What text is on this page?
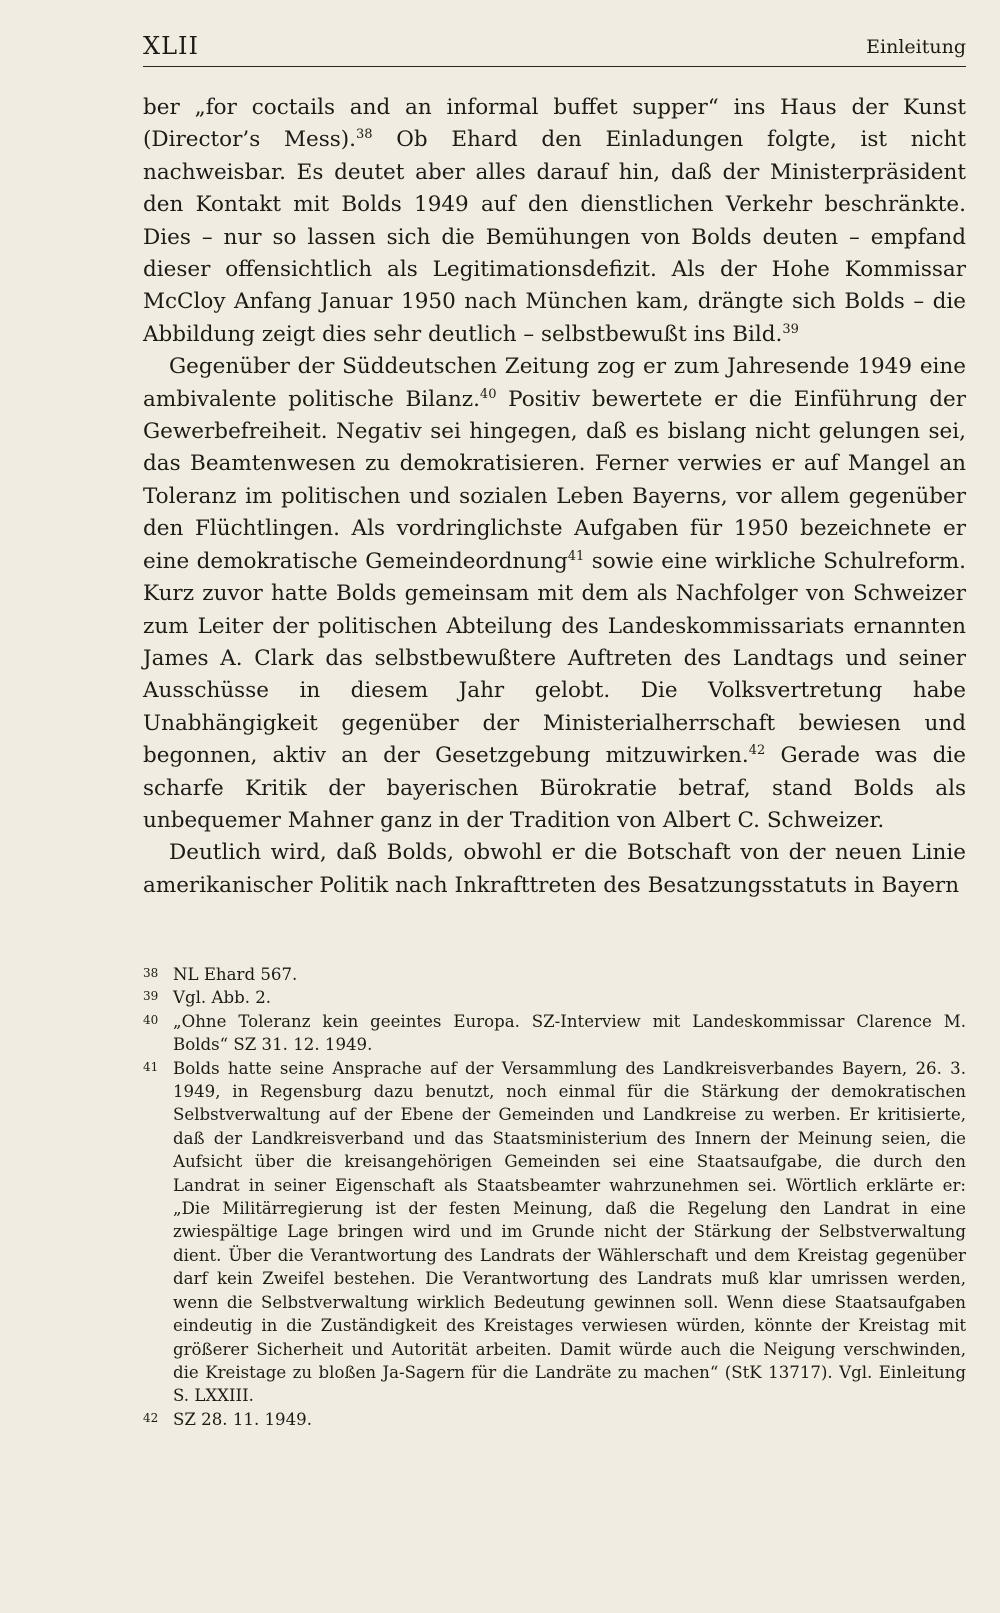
XLII	Einleitung

ber „for coctails and an informal buffet supper“ ins Haus der Kunst (Director’s Mess).$^{38}$ Ob Ehard den Einladungen folgte, ist nicht nachweisbar. Es deutet aber alles darauf hin, daß der Ministerpräsident den Kontakt mit Bolds 1949 auf den dienstlichen Verkehr beschränkte. Dies – nur so lassen sich die Bemühungen von Bolds deuten – empfand dieser offensichtlich als Legitimationsdefizit. Als der Hohe Kommissar McCloy Anfang Januar 1950 nach München kam, drängte sich Bolds – die Abbildung zeigt dies sehr deutlich – selbstbewußt ins Bild.$^{39}$

Gegenüber der Süddeutschen Zeitung zog er zum Jahresende 1949 eine ambivalente politische Bilanz.$^{40}$ Positiv bewertete er die Einführung der Gewerbefreiheit. Negativ sei hingegen, daß es bislang nicht gelungen sei, das Beamtenwesen zu demokratisieren. Ferner verwies er auf Mangel an Toleranz im politischen und sozialen Leben Bayerns, vor allem gegenüber den Flüchtlingen. Als vordringlichste Aufgaben für 1950 bezeichnete er eine demokratische Gemeindeordnung$^{41}$ sowie eine wirkliche Schulreform. Kurz zuvor hatte Bolds gemeinsam mit dem als Nachfolger von Schweizer zum Leiter der politischen Abteilung des Landeskommissariats ernannten James A. Clark das selbstbewußtere Auftreten des Landtags und seiner Ausschüsse in diesem Jahr gelobt. Die Volksvertretung habe Unabhängigkeit gegenüber der Ministerialherrschaft bewiesen und begonnen, aktiv an der Gesetzgebung mitzuwirken.$^{42}$ Gerade was die scharfe Kritik der bayerischen Bürokratie betraf, stand Bolds als unbequemer Mahner ganz in der Tradition von Albert C. Schweizer.

Deutlich wird, daß Bolds, obwohl er die Botschaft von der neuen Linie amerikanischer Politik nach Inkrafttreten des Besatzungsstatuts in Bayern

38 NL Ehard 567.
39 Vgl. Abb. 2.
40 „Ohne Toleranz kein geeintes Europa. SZ-Interview mit Landeskommissar Clarence M. Bolds“ SZ 31. 12. 1949.
41 Bolds hatte seine Ansprache auf der Versammlung des Landkreisverbandes Bayern, 26. 3. 1949, in Regensburg dazu benutzt, noch einmal für die Stärkung der demokratischen Selbstverwaltung auf der Ebene der Gemeinden und Landkreise zu werben. Er kritisierte, daß der Landkreisverband und das Staatsministerium des Innern der Meinung seien, die Aufsicht über die kreisangehörigen Gemeinden sei eine Staatsaufgabe, die durch den Landrat in seiner Eigenschaft als Staatsbeamter wahrzunehmen sei. Wörtlich erklärte er: „Die Militärregierung ist der festen Meinung, daß die Regelung den Landrat in eine zwiespältige Lage bringen wird und im Grunde nicht der Stärkung der Selbstverwaltung dient. Über die Verantwortung des Landrats der Wählerschaft und dem Kreistag gegenüber darf kein Zweifel bestehen. Die Verantwortung des Landrats muß klar umrissen werden, wenn die Selbstverwaltung wirklich Bedeutung gewinnen soll. Wenn diese Staatsaufgaben eindeutig in die Zuständigkeit des Kreistages verwiesen würden, könnte der Kreistag mit größerer Sicherheit und Autorität arbeiten. Damit würde auch die Neigung verschwinden, die Kreistage zu bloßen Ja-Sagern für die Landräte zu machen“ (StK 13717). Vgl. Einleitung S. LXXIII.
42 SZ 28. 11. 1949.
